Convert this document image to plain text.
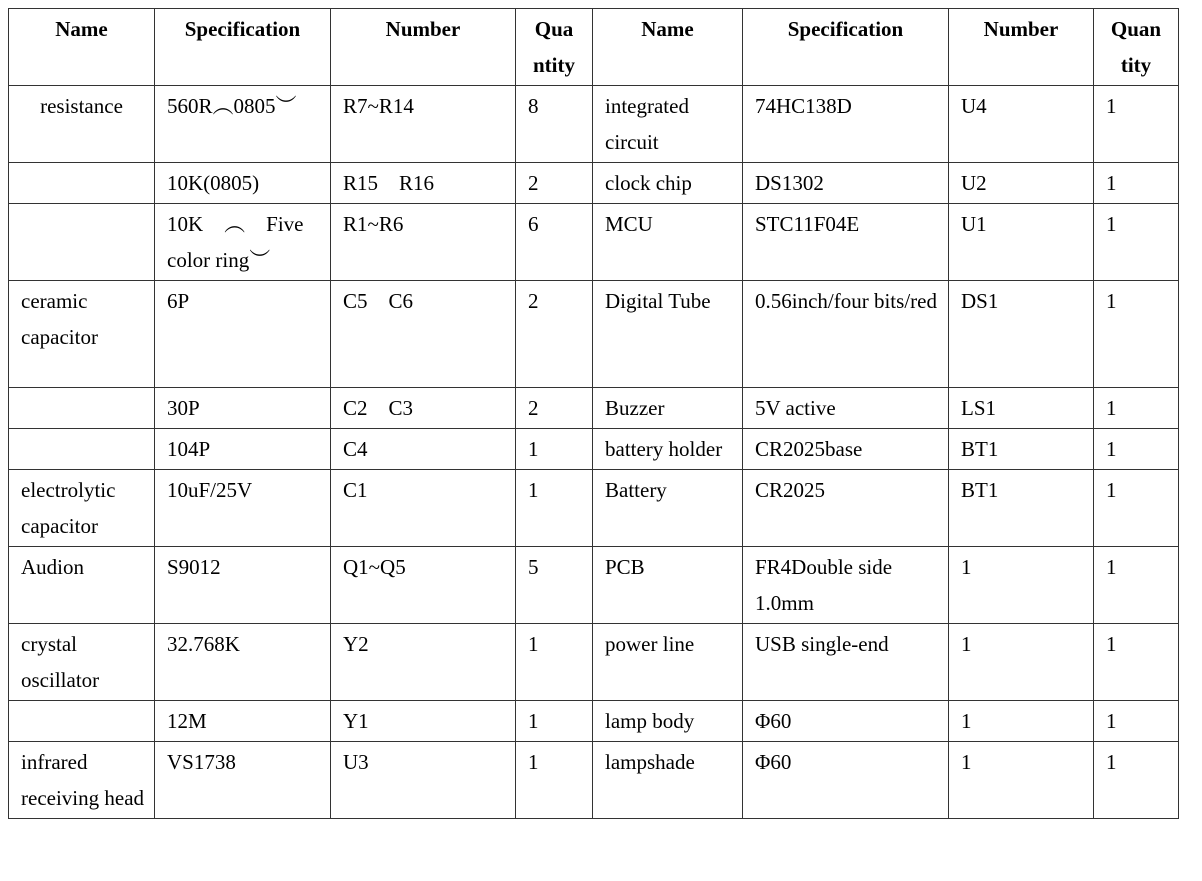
Name	Specification	Number	Qua ntity	Name	Specification	Number	Quan tity
resistance	560R︵0805︶	R7~R14	8	integrated circuit	74HC138D	U4	1
	10K(0805)	R15　R16	2	clock chip	DS1302	U2	1
	10K　︵　Five color ring︶	R1~R6	6	MCU	STC11F04E	U1	1
ceramic capacitor	6P	C5　C6	2	Digital Tube	0.56inch/four bits/red	DS1	1
	30P	C2　C3	2	Buzzer	5V active	LS1	1
	104P	C4	1	battery holder	CR2025base	BT1	1
electrolytic capacitor	10uF/25V	C1	1	Battery	CR2025	BT1	1
Audion	S9012	Q1~Q5	5	PCB	FR4Double side 1.0mm	1	1
crystal oscillator	32.768K	Y2	1	power line	USB single-end	1	1
	12M	Y1	1	lamp body	Φ60	1	1
infrared receiving head	VS1738	U3	1	lampshade	Φ60	1	1
